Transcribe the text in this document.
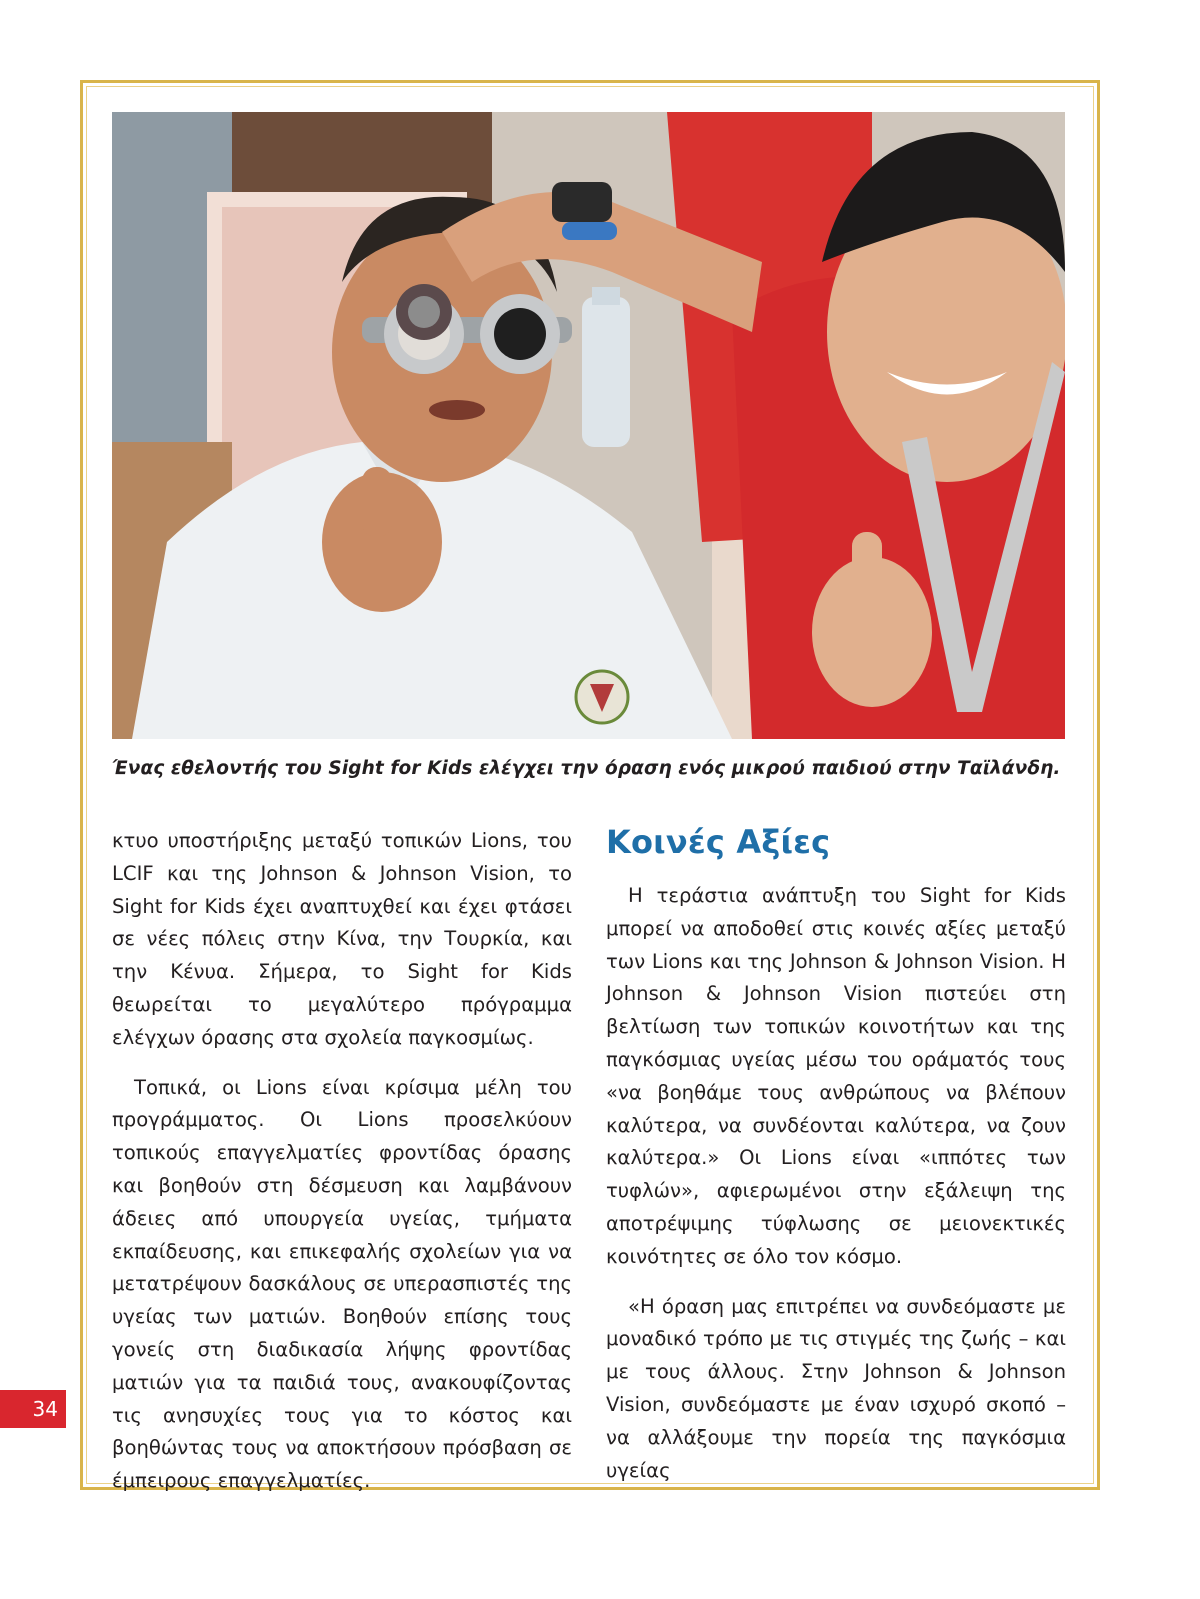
Ένας εθελοντής του Sight for Kids ελέγχει την όραση ενός μικρού παιδιού στην Ταϊλάνδη.

κτυο υποστήριξης μεταξύ τοπικών Lions, του LCIF και της Johnson & Johnson Vision, το Sight for Kids έχει αναπτυχθεί και έχει φτάσει σε νέες πόλεις στην Κίνα, την Τουρκία, και την Κένυα. Σήμερα, το Sight for Kids θεωρείται το μεγαλύτερο πρόγραμμα ελέγχων όρασης στα σχολεία παγκοσμίως.

Τοπικά, οι Lions είναι κρίσιμα μέλη του προγράμματος. Οι Lions προσελκύουν τοπικούς επαγγελματίες φροντίδας όρασης και βοηθούν στη δέσμευση και λαμβάνουν άδειες από υπουργεία υγείας, τμήματα εκπαίδευσης, και επικεφαλής σχολείων για να μετατρέψουν δασκάλους σε υπερασπιστές της υγείας των ματιών. Βοηθούν επίσης τους γονείς στη διαδικασία λήψης φροντίδας ματιών για τα παιδιά τους, ανακουφίζοντας τις ανησυχίες τους για το κόστος και βοηθώντας τους να αποκτήσουν πρόσβαση σε έμπειρους επαγγελματίες.

Κοινές Αξίες

Η τεράστια ανάπτυξη του Sight for Kids μπορεί να αποδοθεί στις κοινές αξίες μεταξύ των Lions και της Johnson & Johnson Vision. Η Johnson & Johnson Vision πιστεύει στη βελτίωση των τοπικών κοινοτήτων και της παγκόσμιας υγείας μέσω του οράματός τους «να βοηθάμε τους ανθρώπους να βλέπουν καλύτερα, να συνδέονται καλύτερα, να ζουν καλύτερα.» Οι Lions είναι «ιππότες των τυφλών», αφιερωμένοι στην εξάλειψη της αποτρέψιμης τύφλωσης σε μειονεκτικές κοινότητες σε όλο τον κόσμο.

«Η όραση μας επιτρέπει να συνδεόμαστε με μοναδικό τρόπο με τις στιγμές της ζωής – και με τους άλλους. Στην Johnson & Johnson Vision, συνδεόμαστε με έναν ισχυρό σκοπό – να αλλάξουμε την πορεία της παγκόσμια υγείας

34
